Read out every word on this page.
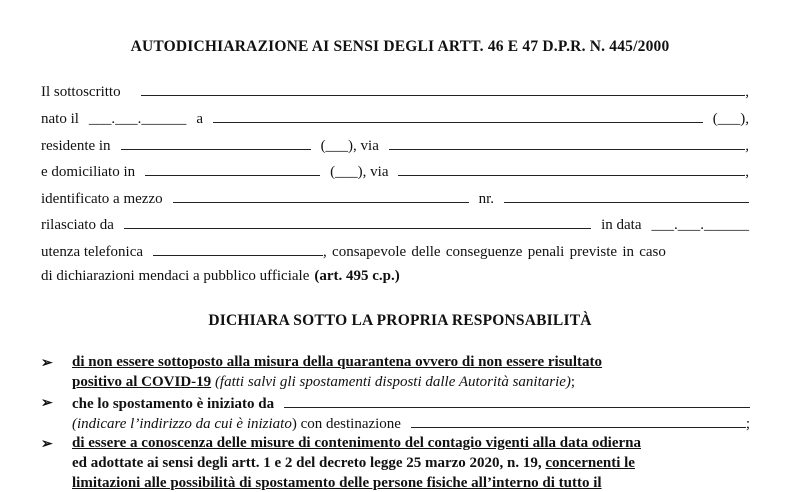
AUTODICHIARAZIONE AI SENSI DEGLI ARTT. 46 E 47 D.P.R. N. 445/2000
Il sottoscritto	,
nato il ___.___.______ a	(___),
residente in	(___), via	,
e domiciliato in	(___), via	,
identificato a mezzo	nr.
rilasciato da	in data ___.___.______
utenza telefonica	, consapevole delle conseguenze penali previste in caso
di dichiarazioni mendaci a pubblico ufficiale (art. 495 c.p.)
DICHIARA SOTTO LA PROPRIA RESPONSABILITÀ
➢	di non essere sottoposto alla misura della quarantena ovvero di non essere risultato
positivo al COVID-19 (fatti salvi gli spostamenti disposti dalle Autorità sanitarie);
➢	che lo spostamento è iniziato da
(indicare l’indirizzo da cui è iniziato ) con destinazione	;
➢	di essere a conoscenza delle misure di contenimento del contagio vigenti alla data odierna
ed adottate ai sensi degli artt. 1 e 2 del decreto legge 25 marzo 2020, n. 19, concernenti le
limitazioni alle possibilità di spostamento delle persone fisiche all’interno di tutto il
